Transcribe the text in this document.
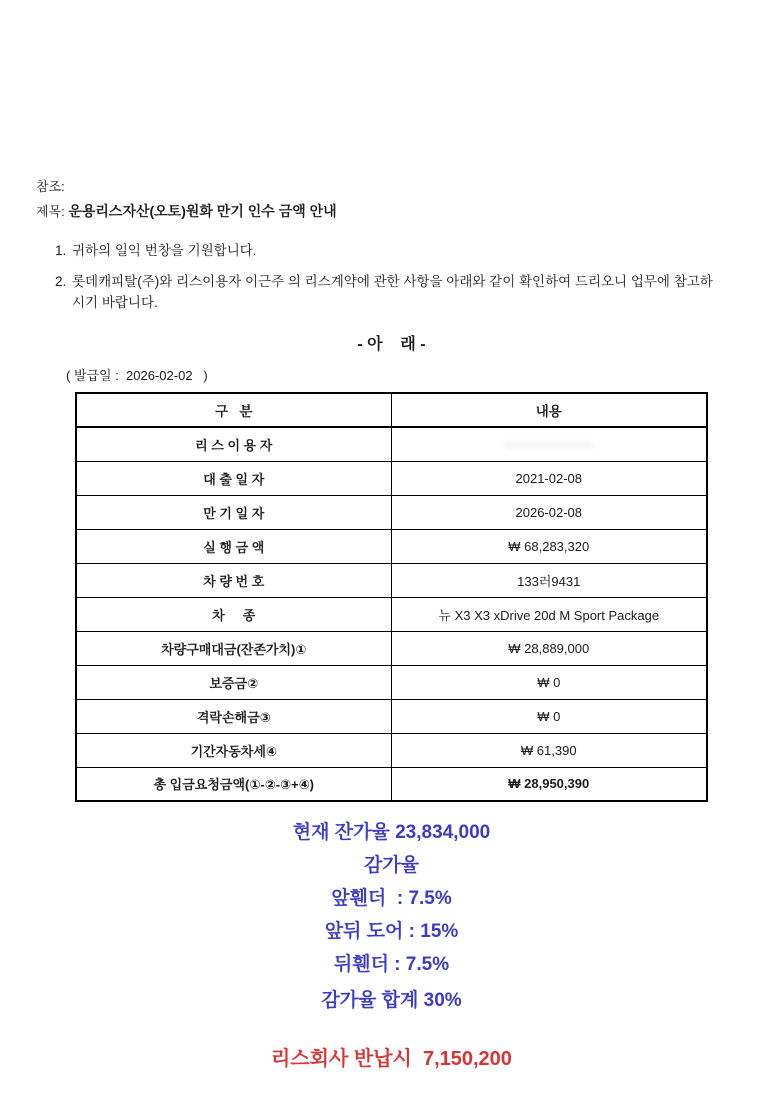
참조:
제목: 운용리스자산(오토)원화 만기 인수 금액 안내
1. 귀하의 일익 번창을 기원합니다.
2. 롯데캐피탈(주)와 리스이용자 이근주 의 리스계약에 관한 사항을 아래와 같이 확인하여 드리오니 업무에 참고하시기 바랍니다.
- 아    래 -
( 발급일 :  2026-02-02   )
구   분	내용
리 스 이 용 자	
대 출 일 자	2021-02-08
만 기 일 자	2026-02-08
실 행 금 액	₩ 68,283,320
차 량 번 호	133러9431
차     종	뉴 X3 X3 xDrive 20d M Sport Package
차량구매대금(잔존가치)①	₩ 28,889,000
보증금②	₩ 0
격락손해금③	₩ 0
기간자동차세④	₩ 61,390
총 입금요청금액(①-②-③+④)	₩ 28,950,390
현재 잔가율 23,834,000
감가율
앞휀더  : 7.5%
앞뒤 도어 : 15%
뒤휀더 : 7.5%
감가율 합계 30%
리스회사 반납시  7,150,200
